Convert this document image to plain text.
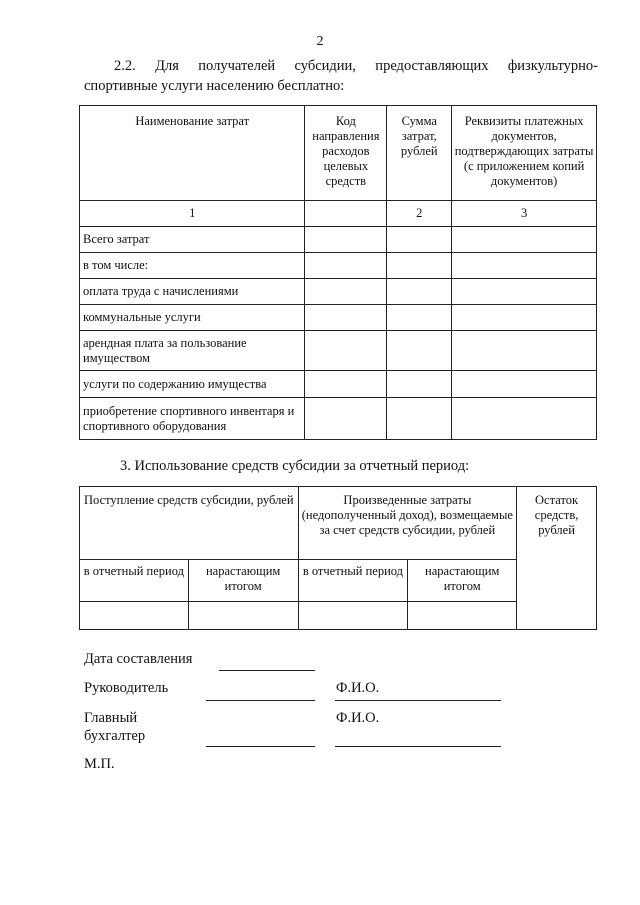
2
2.2. Для получателей субсидии, предоставляющих физкультурно-
спортивные услуги населению бесплатно:
Наименование затрат	Код направления расходов целевых средств	Сумма затрат, рублей	Реквизиты платежных документов, подтверждающих затраты (с приложением копий документов)
1		2	3
Всего затрат			
в том числе:			
оплата труда с начислениями			
коммунальные услуги			
арендная плата за пользование имуществом			
услуги по содержанию имущества			
приобретение спортивного инвентаря и спортивного оборудования			
3. Использование средств субсидии за отчетный период:
Поступление средств субсидии, рублей		Произведенные затраты (недополученный доход), возмещаемые за счет средств субсидии, рублей		Остаток средств, рублей
в отчетный период	нарастающим итогом	в отчетный период	нарастающим итогом	

Дата составления
Руководитель	Ф.И.О.
Главный
бухгалтер
Ф.И.О.
М.П.
